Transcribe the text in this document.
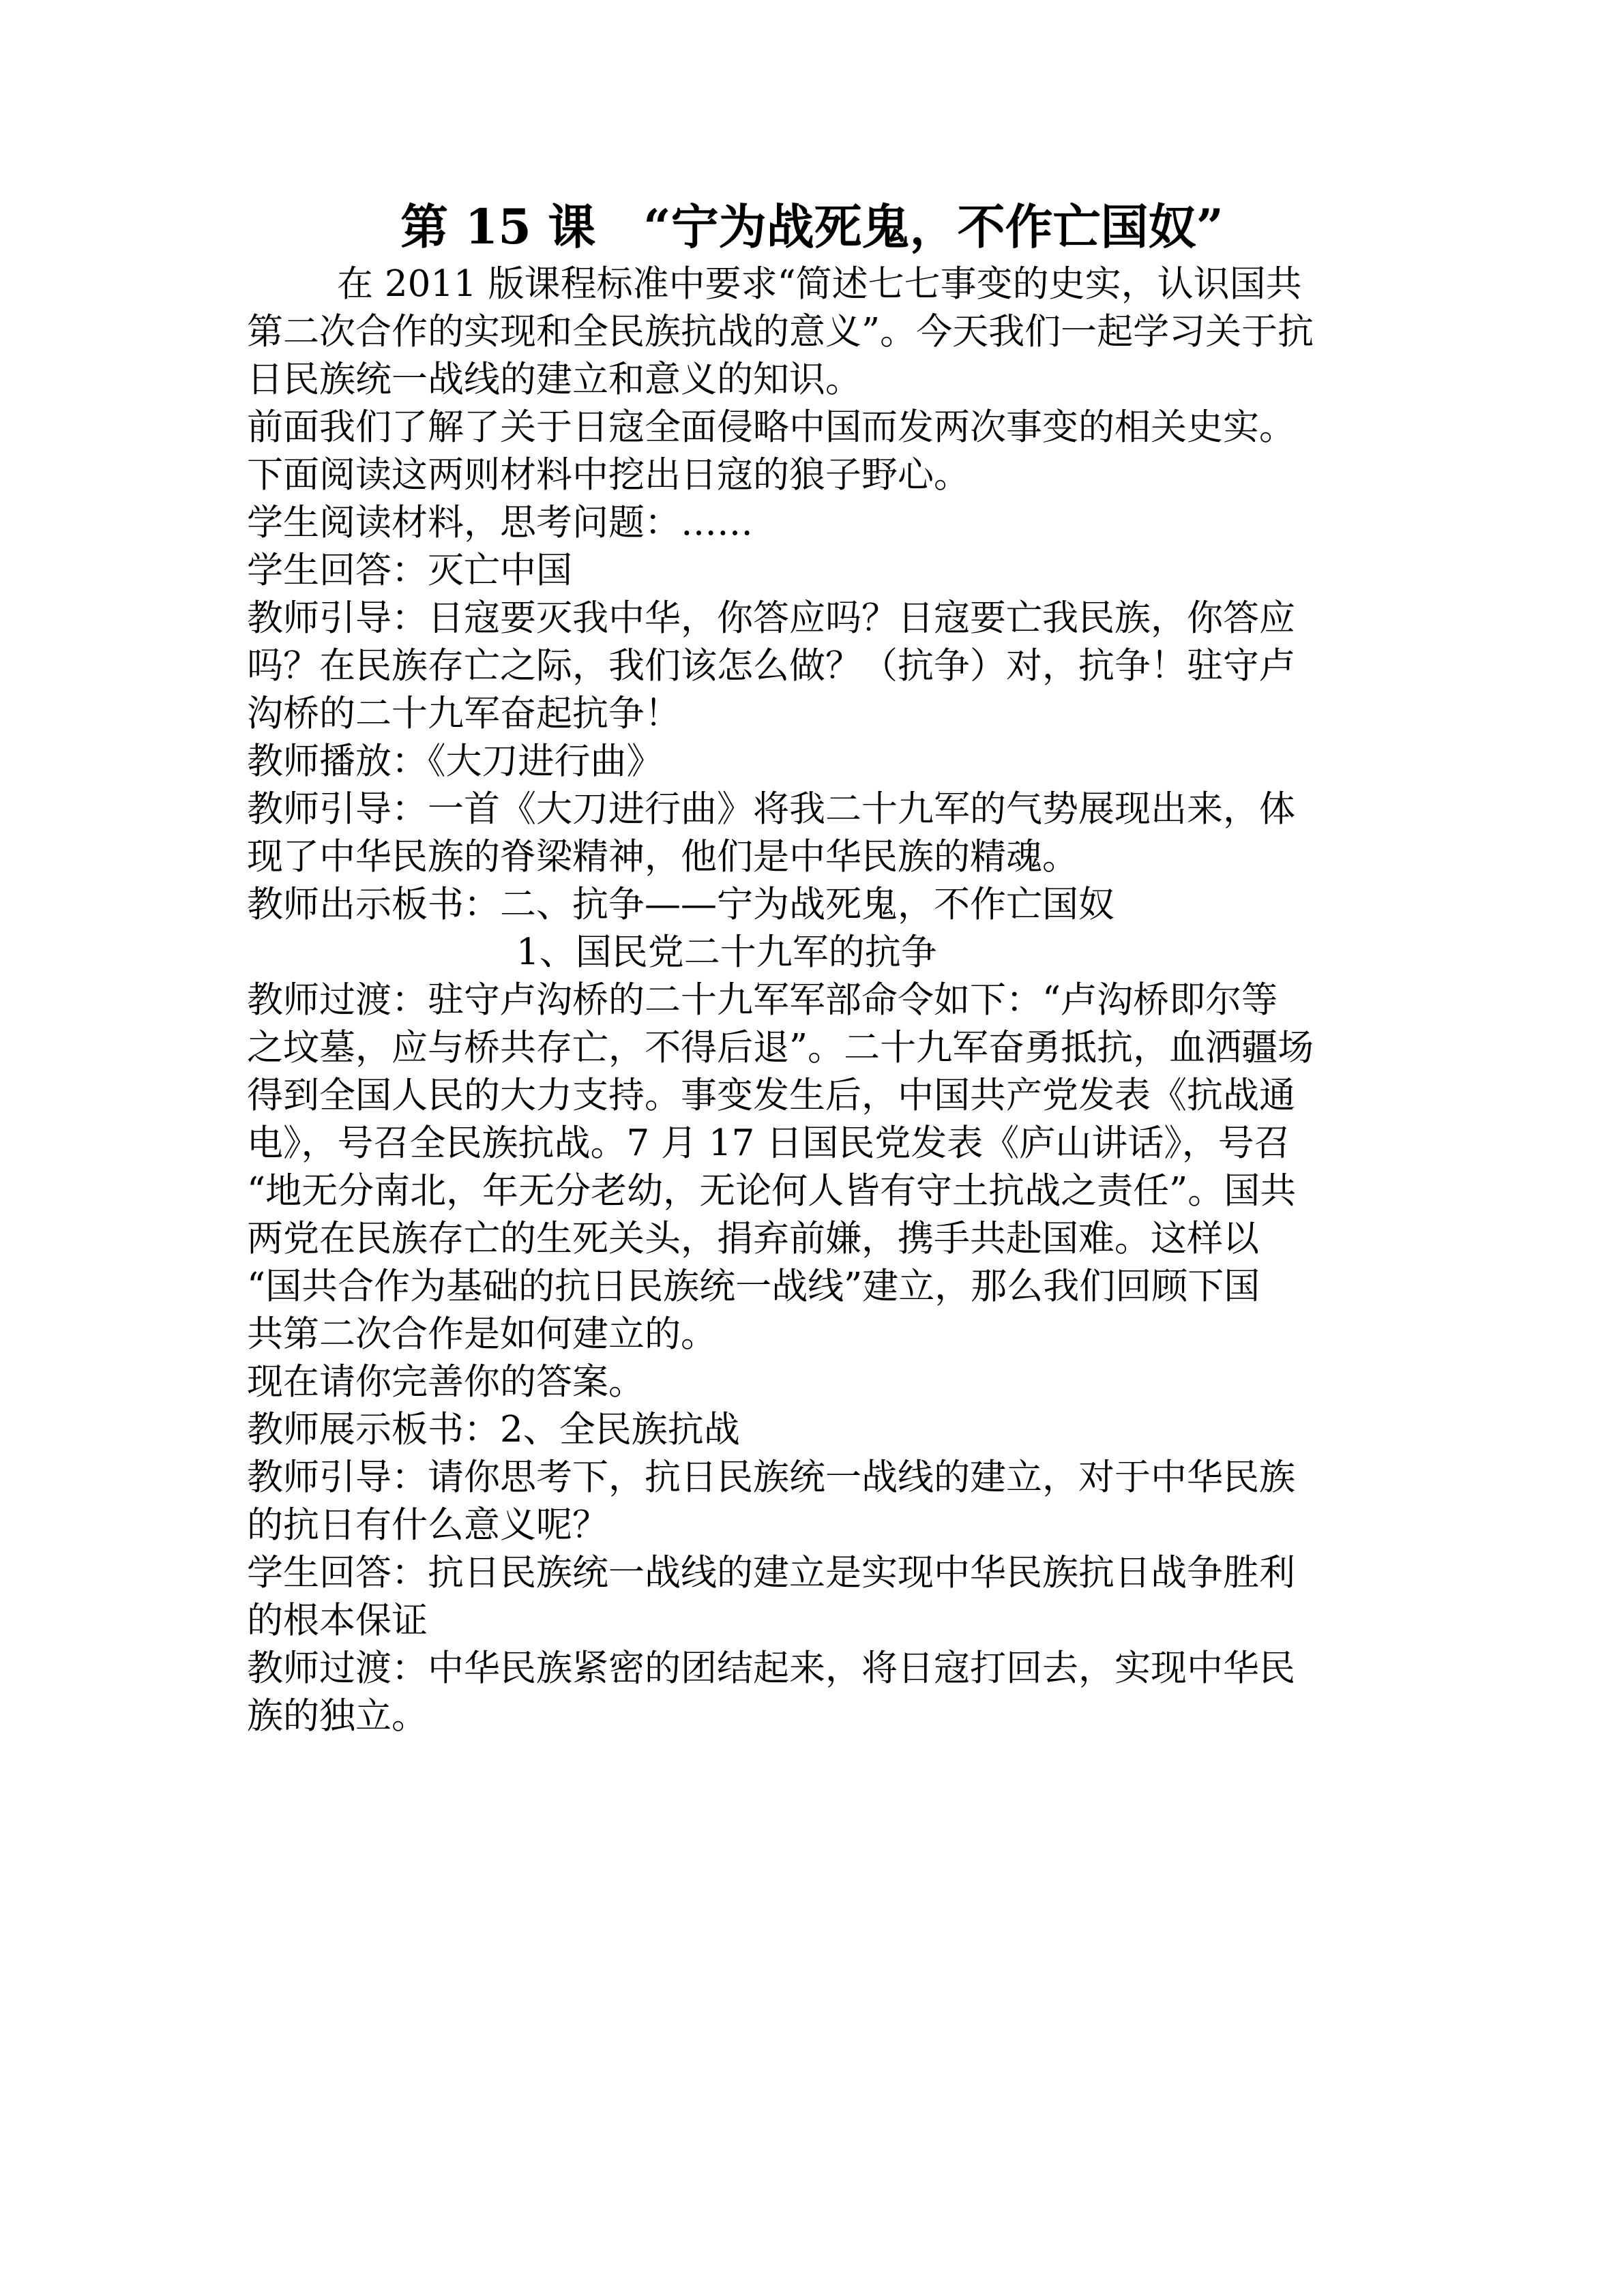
第 15 课　“宁为战死鬼，不作亡国奴”
在 2011 版课程标准中要求“简述七七事变的史实，认识国共
第二次合作的实现和全民族抗战的意义”。今天我们一起学习关于抗
日民族统一战线的建立和意义的知识。
前面我们了解了关于日寇全面侵略中国而发两次事变的相关史实。
下面阅读这两则材料中挖出日寇的狼子野心。
学生阅读材料，思考问题：……
学生回答：灭亡中国
教师引导：日寇要灭我中华，你答应吗？日寇要亡我民族，你答应
吗？在民族存亡之际，我们该怎么做？（抗争）对，抗争！驻守卢
沟桥的二十九军奋起抗争！
教师播放：《大刀进行曲》
教师引导：一首《大刀进行曲》将我二十九军的气势展现出来，体
现了中华民族的脊梁精神，他们是中华民族的精魂。
教师出示板书：二、抗争——宁为战死鬼，不作亡国奴
1、国民党二十九军的抗争
教师过渡：驻守卢沟桥的二十九军军部命令如下：“卢沟桥即尔等
之坟墓，应与桥共存亡，不得后退”。二十九军奋勇抵抗，血洒疆场
得到全国人民的大力支持。事变发生后，中国共产党发表《抗战通
电》，号召全民族抗战。7 月 17 日国民党发表《庐山讲话》，号召
“地无分南北，年无分老幼，无论何人皆有守土抗战之责任”。国共
两党在民族存亡的生死关头，捐弃前嫌，携手共赴国难。这样以
“国共合作为基础的抗日民族统一战线”建立，那么我们回顾下国
共第二次合作是如何建立的。
现在请你完善你的答案。
教师展示板书：2、全民族抗战
教师引导：请你思考下，抗日民族统一战线的建立，对于中华民族
的抗日有什么意义呢？
学生回答：抗日民族统一战线的建立是实现中华民族抗日战争胜利
的根本保证
教师过渡：中华民族紧密的团结起来，将日寇打回去，实现中华民
族的独立。
